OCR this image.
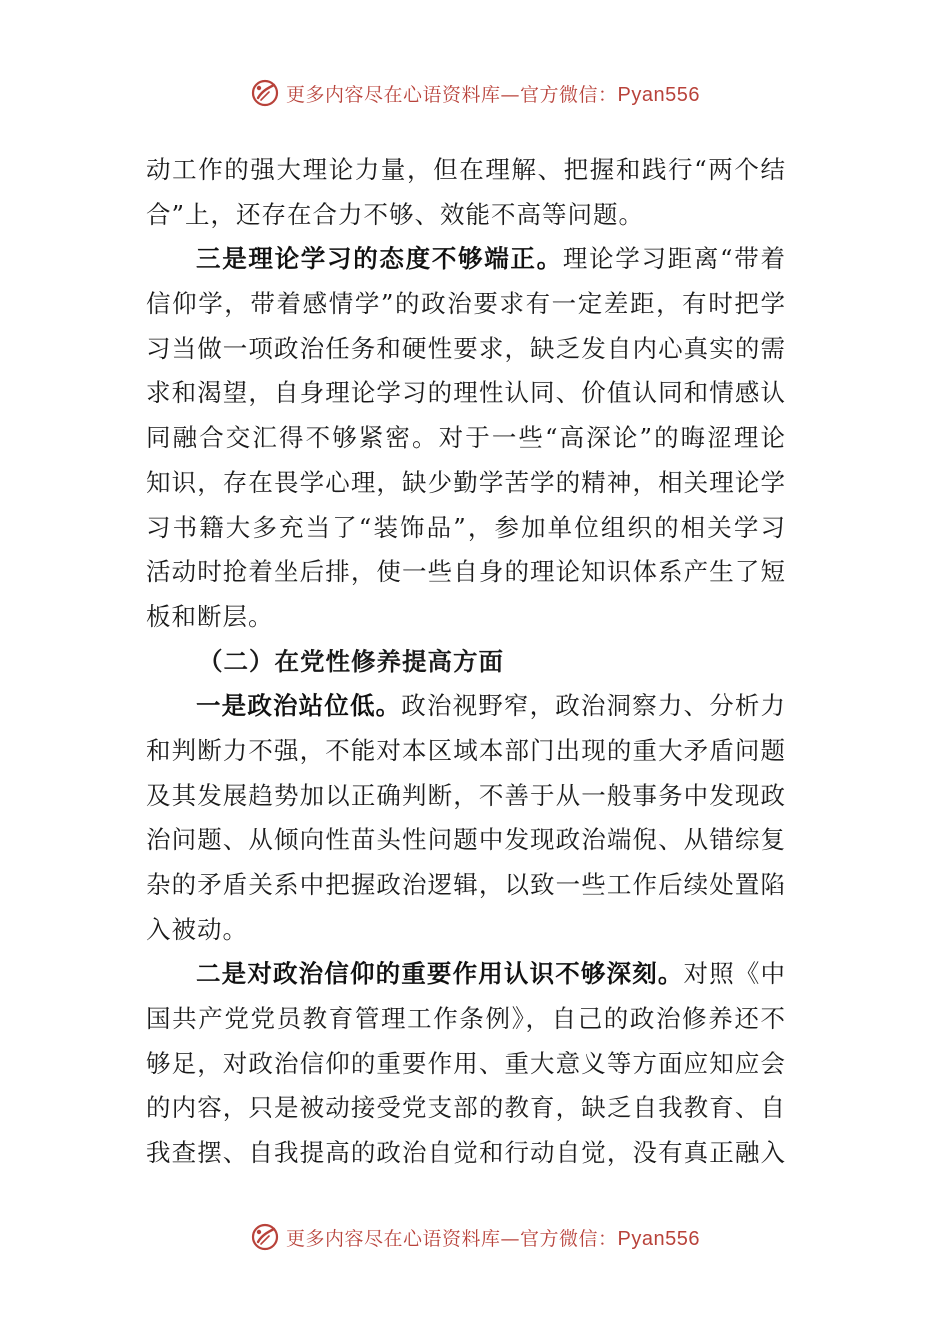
更多内容尽在心语资料库—官方微信：Pyan556
动工作的强大理论力量，但在理解、把握和践行“两个结
合”上，还存在合力不够、效能不高等问题。
三是理论学习的态度不够端正。理论学习距离“带着
信仰学，带着感情学”的政治要求有一定差距，有时把学
习当做一项政治任务和硬性要求，缺乏发自内心真实的需
求和渴望，自身理论学习的理性认同、价值认同和情感认
同融合交汇得不够紧密。对于一些“高深论”的晦涩理论
知识，存在畏学心理，缺少勤学苦学的精神，相关理论学
习书籍大多充当了“装饰品”，参加单位组织的相关学习
活动时抢着坐后排，使一些自身的理论知识体系产生了短
板和断层。
（二）在党性修养提高方面
一是政治站位低。政治视野窄，政治洞察力、分析力
和判断力不强，不能对本区域本部门出现的重大矛盾问题
及其发展趋势加以正确判断，不善于从一般事务中发现政
治问题、从倾向性苗头性问题中发现政治端倪、从错综复
杂的矛盾关系中把握政治逻辑，以致一些工作后续处置陷
入被动。
二是对政治信仰的重要作用认识不够深刻。对照《中
国共产党党员教育管理工作条例》，自己的政治修养还不
够足，对政治信仰的重要作用、重大意义等方面应知应会
的内容，只是被动接受党支部的教育，缺乏自我教育、自
我查摆、自我提高的政治自觉和行动自觉，没有真正融入
更多内容尽在心语资料库—官方微信：Pyan556
